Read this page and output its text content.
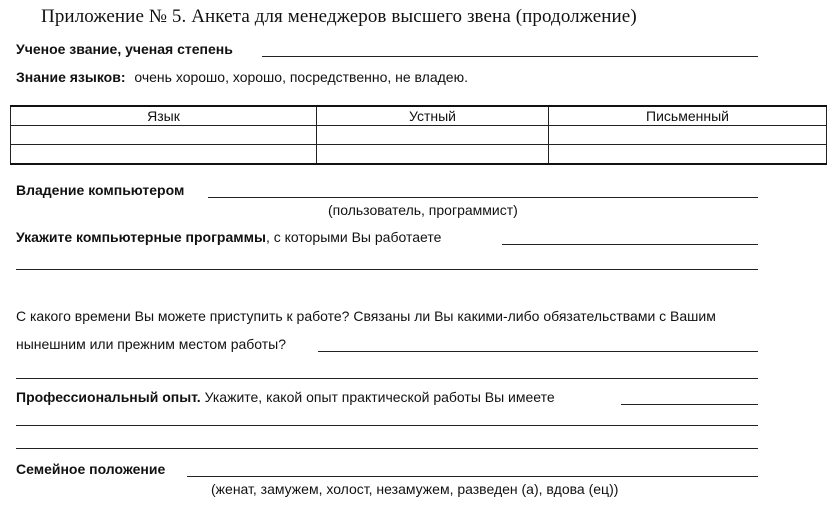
Приложение № 5. Анкета для менеджеров высшего звена (продолжение)
Ученое звание, ученая степень
Знание языков: очень хорошо, хорошо, посредственно, не владею.
Язык	Устный	Письменный

Владение компьютером
(пользователь, программист)
Укажите компьютерные программы, с которыми Вы работаете
С какого времени Вы можете приступить к работе? Связаны ли Вы какими-либо обязательствами с Вашим
нынешним или прежним местом работы?
Профессиональный опыт. Укажите, какой опыт практической работы Вы имеете
Семейное положение
(женат, замужем, холост, незамужем, разведен (а), вдова (ец))
